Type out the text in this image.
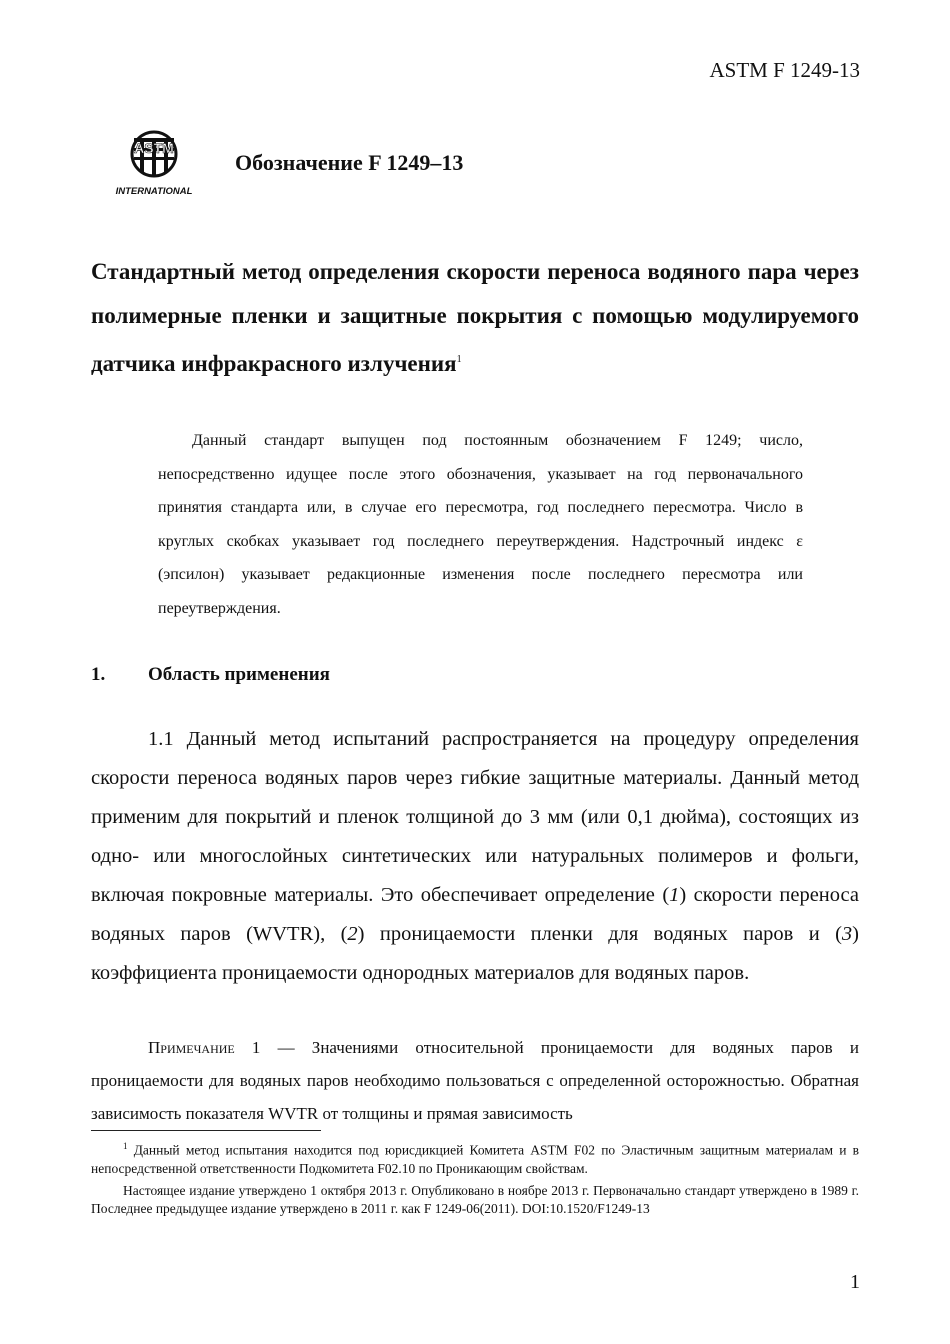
ASTM F 1249-13
ASTM
INTERNATIONAL
Обозначение F 1249–13
Стандартный метод определения скорости переноса водяного пара через полимерные пленки и защитные покрытия с помощью модулируемого датчика инфракрасного излучения$^1$
Данный стандарт выпущен под постоянным обозначением F 1249; число, непосредственно идущее после этого обозначения, указывает на год первоначального принятия стандарта или, в случае его пересмотра, год последнего пересмотра. Число в круглых скобках указывает год последнего переутверждения. Надстрочный индекс ε (эпсилон) указывает редакционные изменения после последнего пересмотра или переутверждения.
1. Область применения
1.1 Данный метод испытаний распространяется на процедуру определения скорости переноса водяных паров через гибкие защитные материалы. Данный метод применим для покрытий и пленок толщиной до 3 мм (или 0,1 дюйма), состоящих из одно- или многослойных синтетических или натуральных полимеров и фольги, включая покровные материалы. Это обеспечивает определение (1) скорости переноса водяных паров (WVTR), (2) проницаемости пленки для водяных паров и (3) коэффициента проницаемости однородных материалов для водяных паров.
Примечание 1 — Значениями относительной проницаемости для водяных паров и проницаемости для водяных паров необходимо пользоваться с определенной осторожностью. Обратная зависимость показателя WVTR от толщины и прямая зависимость

$^1$ Данный метод испытания находится под юрисдикцией Комитета ASTM F02 по Эластичным защитным материалам и в непосредственной ответственности Подкомитета F02.10 по Проникающим свойствам.

Настоящее издание утверждено 1 октября 2013 г. Опубликовано в ноябре 2013 г. Первоначально стандарт утверждено в 1989 г. Последнее предыдущее издание утверждено в 2011 г. как F 1249-06(2011). DOI:10.1520/F1249-13

1
